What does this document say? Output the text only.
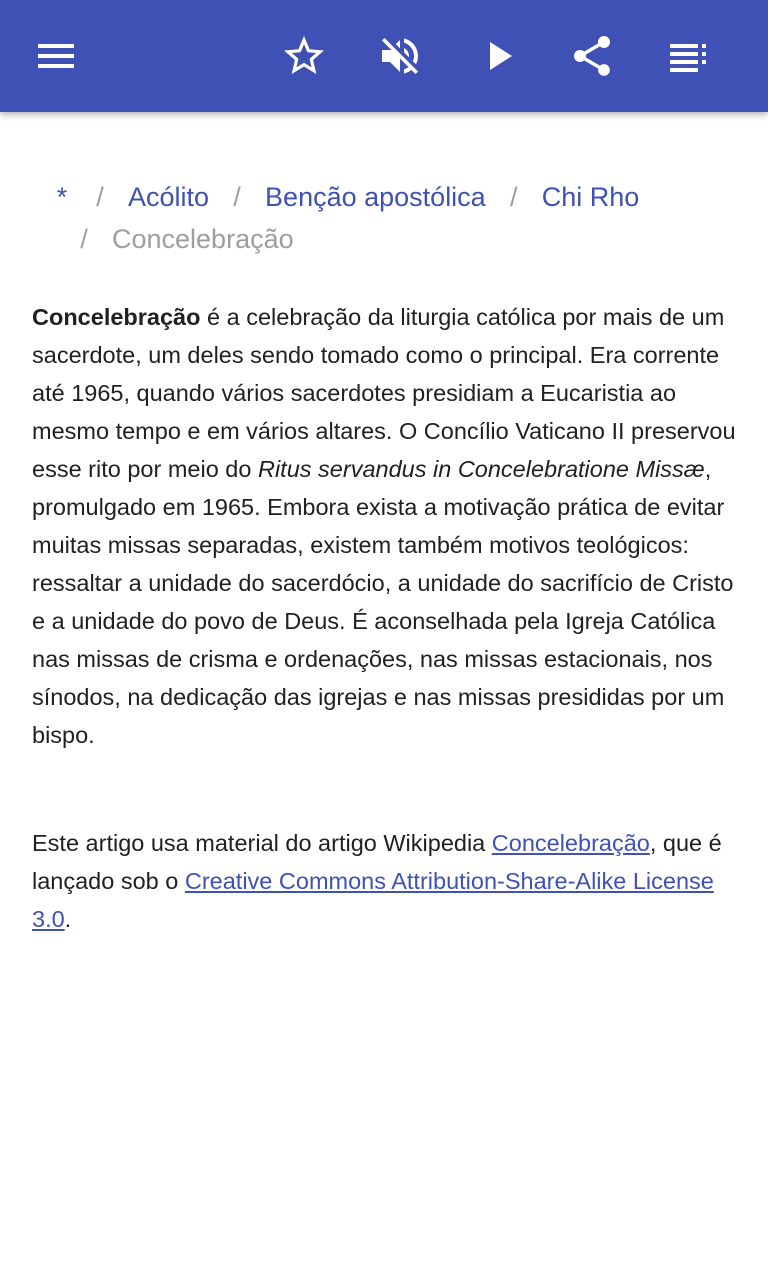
* / Acólito / Benção apostólica / Chi Rho
/ Concelebração

Concelebração é a celebração da liturgia católica por mais de um sacerdote, um deles sendo tomado como o principal. Era corrente até 1965, quando vários sacerdotes presidiam a Eucaristia ao mesmo tempo e em vários altares. O Concílio Vaticano II preservou esse rito por meio do Ritus servandus in Concelebratione Missæ, promulgado em 1965. Embora exista a motivação prática de evitar muitas missas separadas, existem também motivos teológicos: ressaltar a unidade do sacerdócio, a unidade do sacrifício de Cristo e a unidade do povo de Deus. É aconselhada pela Igreja Católica nas missas de crisma e ordenações, nas missas estacionais, nos sínodos, na dedicação das igrejas e nas missas presididas por um bispo.

Este artigo usa material do artigo Wikipedia Concelebração, que é lançado sob o Creative Commons Attribution-Share-Alike License 3.0.
